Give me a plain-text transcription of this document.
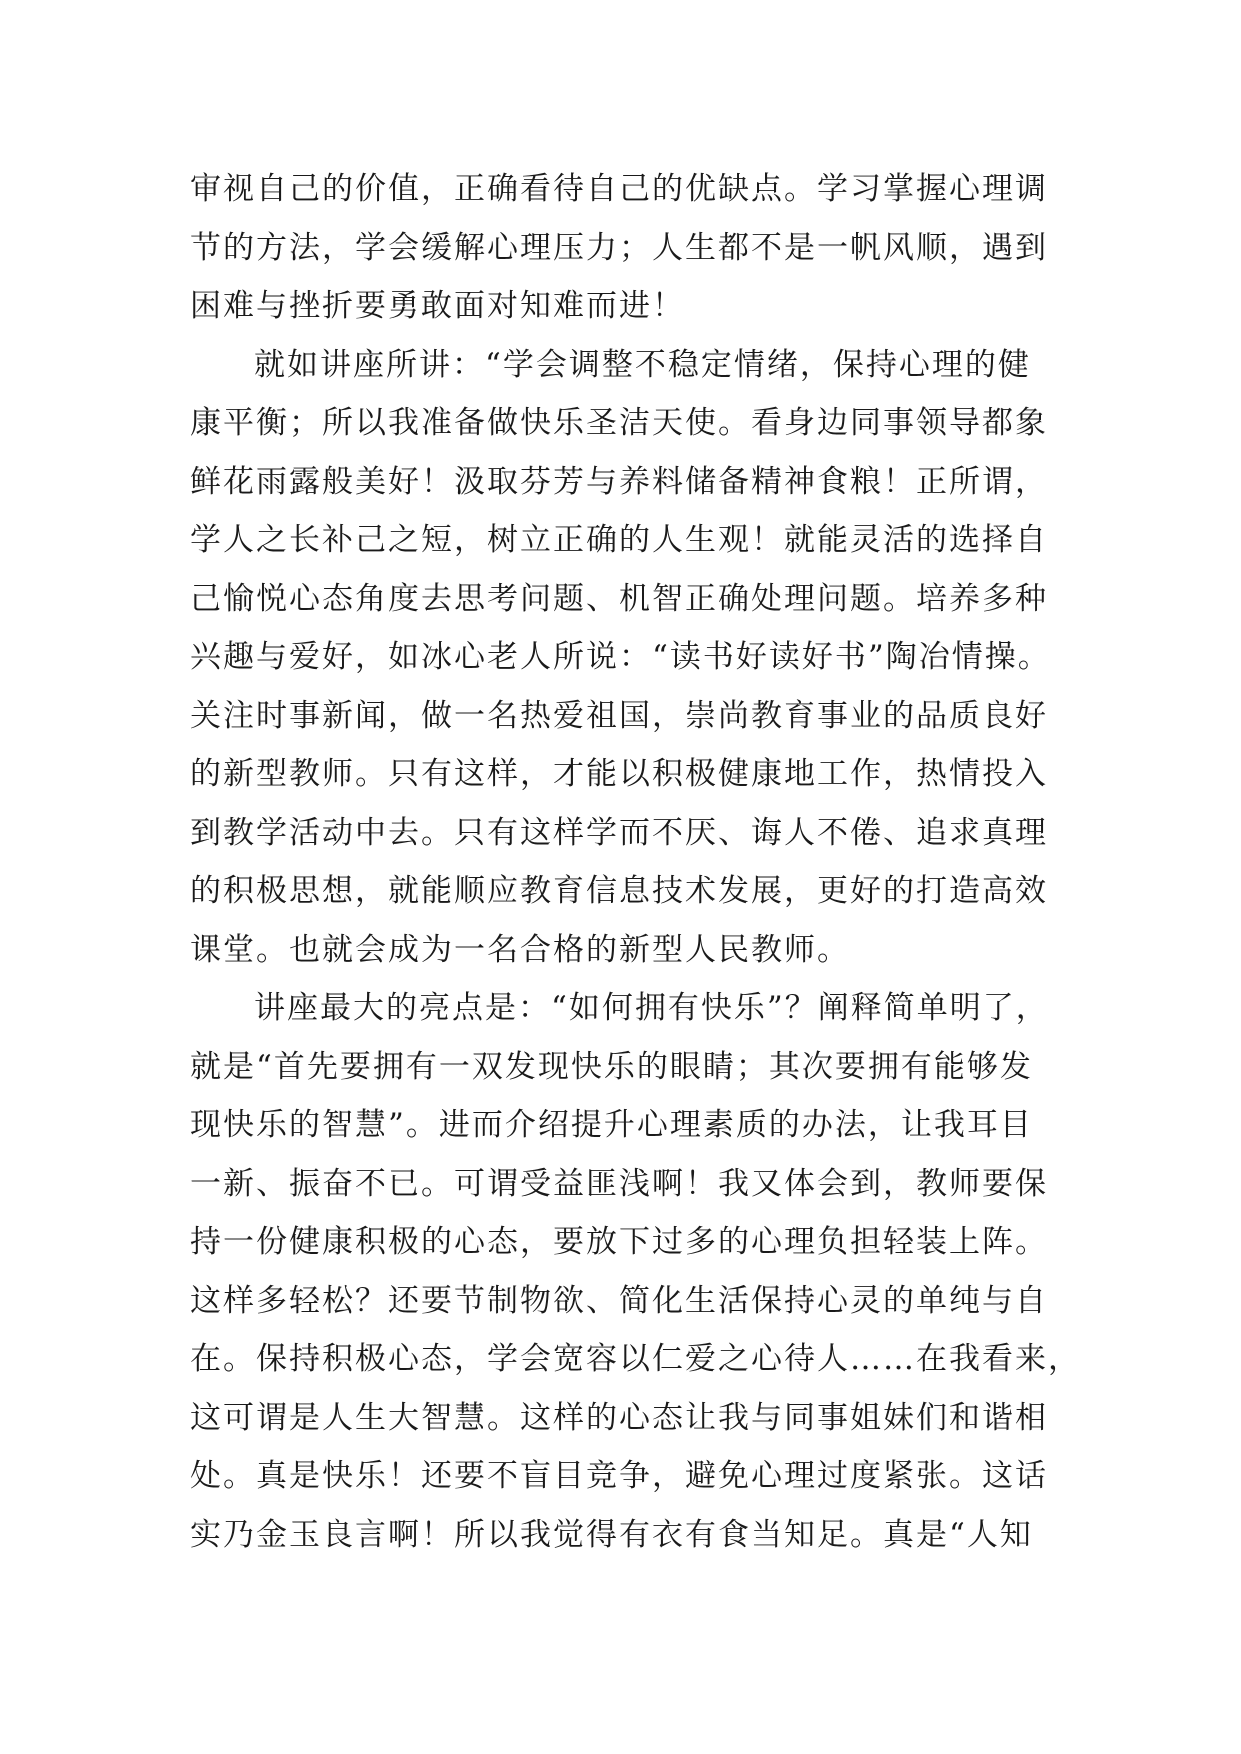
审视自己的价值，正确看待自己的优缺点。学习掌握心理调
节的方法，学会缓解心理压力；人生都不是一帆风顺，遇到
困难与挫折要勇敢面对知难而进！
就如讲座所讲：“学会调整不稳定情绪，保持心理的健
康平衡；所以我准备做快乐圣洁天使。看身边同事领导都象
鲜花雨露般美好！汲取芬芳与养料储备精神食粮！正所谓，
学人之长补己之短，树立正确的人生观！就能灵活的选择自
己愉悦心态角度去思考问题、机智正确处理问题。培养多种
兴趣与爱好，如冰心老人所说：“读书好读好书”陶冶情操。
关注时事新闻，做一名热爱祖国，崇尚教育事业的品质良好
的新型教师。只有这样，才能以积极健康地工作，热情投入
到教学活动中去。只有这样学而不厌、诲人不倦、追求真理
的积极思想，就能顺应教育信息技术发展，更好的打造高效
课堂。也就会成为一名合格的新型人民教师。
讲座最大的亮点是：“如何拥有快乐”？阐释简单明了，
就是“首先要拥有一双发现快乐的眼睛；其次要拥有能够发
现快乐的智慧”。进而介绍提升心理素质的办法，让我耳目
一新、振奋不已。可谓受益匪浅啊！我又体会到，教师要保
持一份健康积极的心态，要放下过多的心理负担轻装上阵。
这样多轻松？还要节制物欲、简化生活保持心灵的单纯与自
在。保持积极心态，学会宽容以仁爱之心待人……在我看来，
这可谓是人生大智慧。这样的心态让我与同事姐妹们和谐相
处。真是快乐！还要不盲目竞争，避免心理过度紧张。这话
实乃金玉良言啊！所以我觉得有衣有食当知足。真是“人知
